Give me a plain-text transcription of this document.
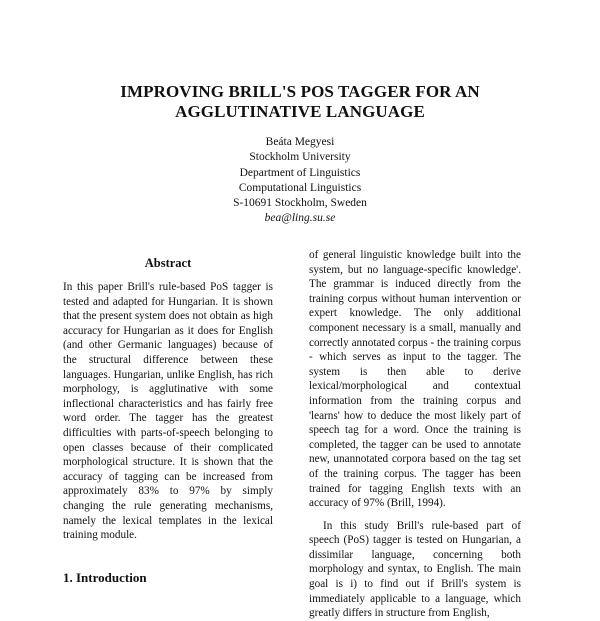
IMPROVING BRILL'S POS TAGGER FOR AN
AGGLUTINATIVE LANGUAGE
Beáta Megyesi
Stockholm University
Department of Linguistics
Computational Linguistics
S-10691 Stockholm, Sweden
bea@ling.su.se
Abstract

In this paper Brill's rule-based PoS tagger is tested and adapted for Hungarian. It is shown that the present system does not obtain as high accuracy for Hungarian as it does for English (and other Germanic languages) because of the structural difference between these languages. Hungarian, unlike English, has rich morphology, is agglutinative with some inflectional characteristics and has fairly free word order. The tagger has the greatest difficulties with parts-of-speech belonging to open classes because of their complicated morphological structure. It is shown that the accuracy of tagging can be increased from approximately 83% to 97% by simply changing the rule generating mechanisms, namely the lexical templates in the lexical training module.

1. Introduction

of general linguistic knowledge built into the system, but no language-specific knowledge'. The grammar is induced directly from the training corpus without human intervention or expert knowledge. The only additional component necessary is a small, manually and correctly annotated corpus - the training corpus - which serves as input to the tagger. The system is then able to derive lexical/morphological and contextual information from the training corpus and 'learns' how to deduce the most likely part of speech tag for a word. Once the training is completed, the tagger can be used to annotate new, unannotated corpora based on the tag set of the training corpus. The tagger has been trained for tagging English texts with an accuracy of 97% (Brill, 1994).

In this study Brill's rule-based part of speech (PoS) tagger is tested on Hungarian, a dissimilar language, concerning both morphology and syntax, to English. The main goal is i) to find out if Brill's system is immediately applicable to a language, which greatly differs in structure from English,
